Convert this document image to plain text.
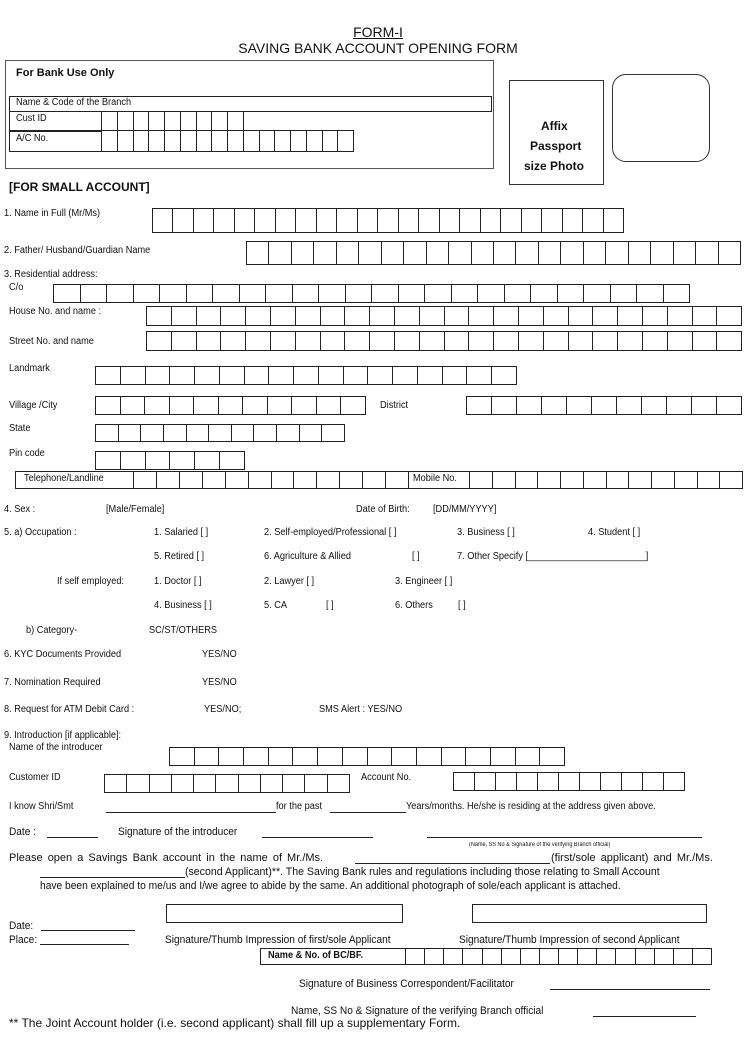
FORM-I
SAVING BANK ACCOUNT OPENING FORM
For Bank Use Only
Name & Code of the Branch
Cust ID
A/C No.
Affix
Passport
size Photo
[FOR SMALL ACCOUNT]
1. Name in Full (Mr/Ms)
2. Father/ Husband/Guardian Name
3. Residential address:
C/o
House No. and name :
Street No. and name
Landmark
Village /City	District
State
Pin code
Telephone/Landline	Mobile No.
4. Sex :	[Male/Female]	Date of Birth: [DD/MM/YYYY]
5. a) Occupation :	1. Salaried [ ]	2. Self-employed/Professional [ ]	3. Business [ ]	4. Student [ ]
5. Retired [ ]	6. Agriculture & Allied	[ ]	7. Other Specify [_______________________]
If self employed:	1. Doctor [ ]	2. Lawyer [ ]	3. Engineer [ ]
4. Business [ ]	5. CA	[ ]	6. Others	[ ]
b) Category-	SC/ST/OTHERS
6. KYC Documents Provided	YES/NO
7. Nomination Required	YES/NO
8. Request for ATM Debit Card :	YES/NO;	SMS Alert : YES/NO
9. Introduction [if applicable]:
Name of the introducer
Customer ID	Account No.
I know Shri/Smt	for the past	Years/months. He/she is residing at the address given above.
Date :	Signature of the introducer
(Name, SS No & Signature of the verifying Branch official)
Please open a Savings Bank account in the name of Mr./Ms.	(first/sole applicant) and Mr./Ms.
(second Applicant)**. The Saving Bank rules and regulations including those relating to Small Account
have been explained to me/us and I/we agree to abide by the same. An additional photograph of sole/each applicant is attached.
Date:
Place:	Signature/Thumb Impression of first/sole Applicant	Signature/Thumb Impression of second Applicant
Name & No. of BC/BF.
Signature of Business Correspondent/Facilitator
Name, SS No & Signature of the verifying Branch official
** The Joint Account holder (i.e. second applicant) shall fill up a supplementary Form.
